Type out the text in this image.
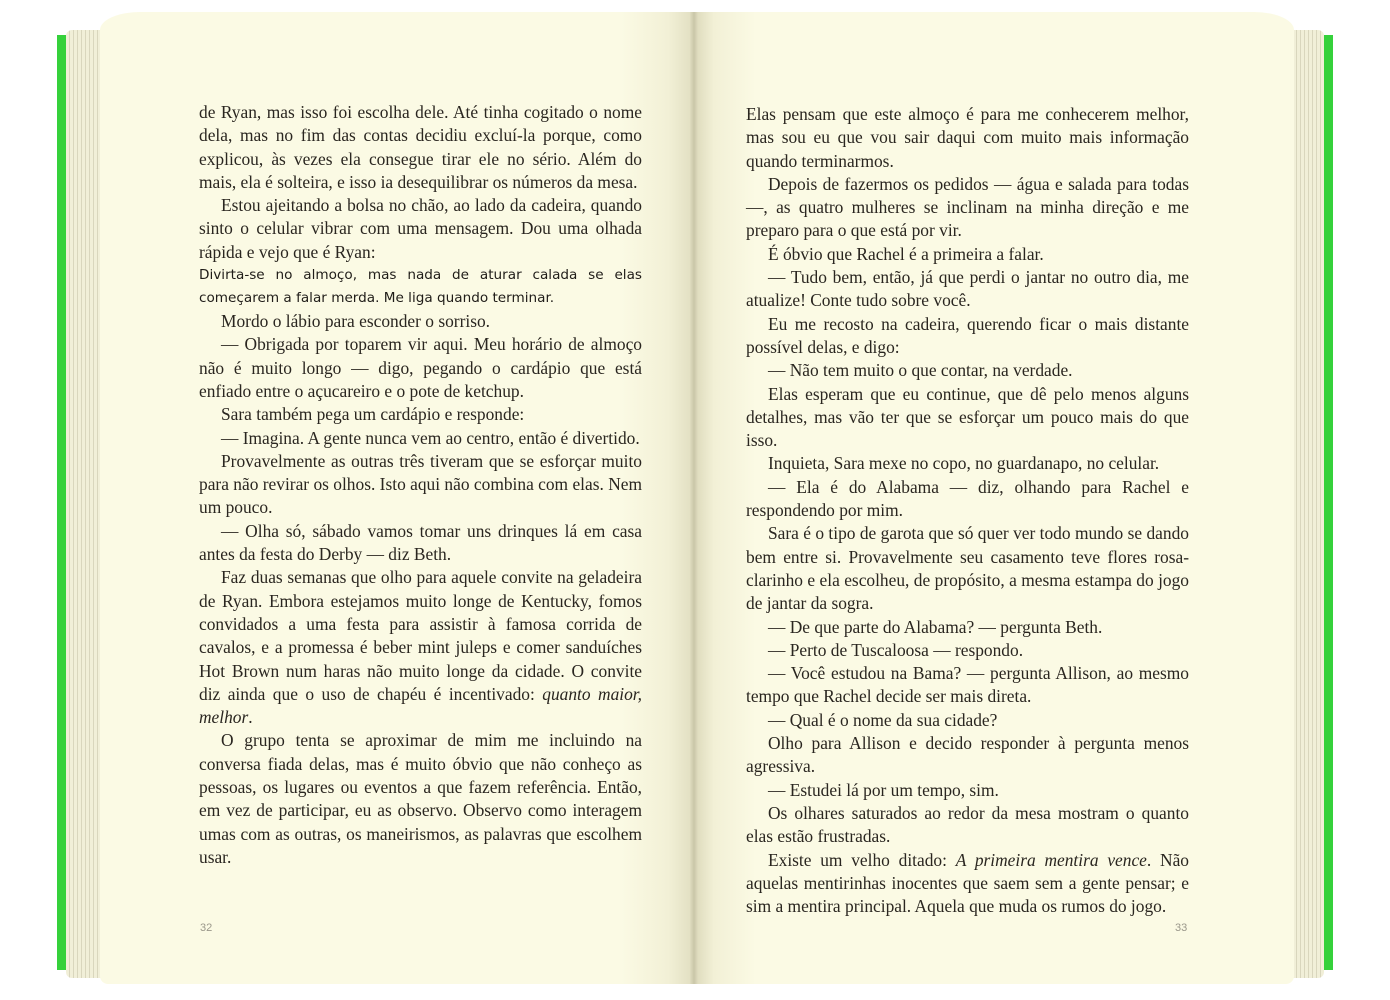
de Ryan, mas isso foi escolha dele. Até tinha cogitado o nome dela, mas no fim das contas decidiu excluí-la porque, como explicou, às vezes ela consegue tirar ele no sério. Além do mais, ela é solteira, e isso ia desequilibrar os números da mesa.

Estou ajeitando a bolsa no chão, ao lado da cadeira, quando sinto o celular vibrar com uma mensagem. Dou uma olhada rápida e vejo que é Ryan:

Divirta-se no almoço, mas nada de aturar calada se elas começarem a falar merda. Me liga quando terminar.

Mordo o lábio para esconder o sorriso.

— Obrigada por toparem vir aqui. Meu horário de almoço não é muito longo — digo, pegando o cardápio que está enfiado entre o açucareiro e o pote de ketchup.

Sara também pega um cardápio e responde:

— Imagina. A gente nunca vem ao centro, então é divertido.

Provavelmente as outras três tiveram que se esforçar muito para não revirar os olhos. Isto aqui não combina com elas. Nem um pouco.

— Olha só, sábado vamos tomar uns drinques lá em casa antes da festa do Derby — diz Beth.

Faz duas semanas que olho para aquele convite na geladeira de Ryan. Embora estejamos muito longe de Kentucky, fomos convidados a uma festa para assistir à famosa corrida de cavalos, e a promessa é beber mint juleps e comer sanduíches Hot Brown num haras não muito longe da cidade. O convite diz ainda que o uso de chapéu é incentivado: quanto maior, melhor.

O grupo tenta se aproximar de mim me incluindo na conversa fiada delas, mas é muito óbvio que não conheço as pessoas, os lugares ou eventos a que fazem referência. Então, em vez de participar, eu as observo. Observo como interagem umas com as outras, os maneirismos, as palavras que escolhem usar.

Elas pensam que este almoço é para me conhecerem melhor, mas sou eu que vou sair daqui com muito mais informação quando terminarmos.

Depois de fazermos os pedidos — água e salada para todas —, as quatro mulheres se inclinam na minha direção e me preparo para o que está por vir.

É óbvio que Rachel é a primeira a falar.

— Tudo bem, então, já que perdi o jantar no outro dia, me atualize! Conte tudo sobre você.

Eu me recosto na cadeira, querendo ficar o mais distante possível delas, e digo:

— Não tem muito o que contar, na verdade.

Elas esperam que eu continue, que dê pelo menos alguns detalhes, mas vão ter que se esforçar um pouco mais do que isso.

Inquieta, Sara mexe no copo, no guardanapo, no celular.

— Ela é do Alabama — diz, olhando para Rachel e respondendo por mim.

Sara é o tipo de garota que só quer ver todo mundo se dando bem entre si. Provavelmente seu casamento teve flores rosa-clarinho e ela escolheu, de propósito, a mesma estampa do jogo de jantar da sogra.

— De que parte do Alabama? — pergunta Beth.

— Perto de Tuscaloosa — respondo.

— Você estudou na Bama? — pergunta Allison, ao mesmo tempo que Rachel decide ser mais direta.

— Qual é o nome da sua cidade?

Olho para Allison e decido responder à pergunta menos agressiva.

— Estudei lá por um tempo, sim.

Os olhares saturados ao redor da mesa mostram o quanto elas estão frustradas.

Existe um velho ditado: A primeira mentira vence. Não aquelas mentirinhas inocentes que saem sem a gente pensar; e sim a mentira principal. Aquela que muda os rumos do jogo.

32	33
